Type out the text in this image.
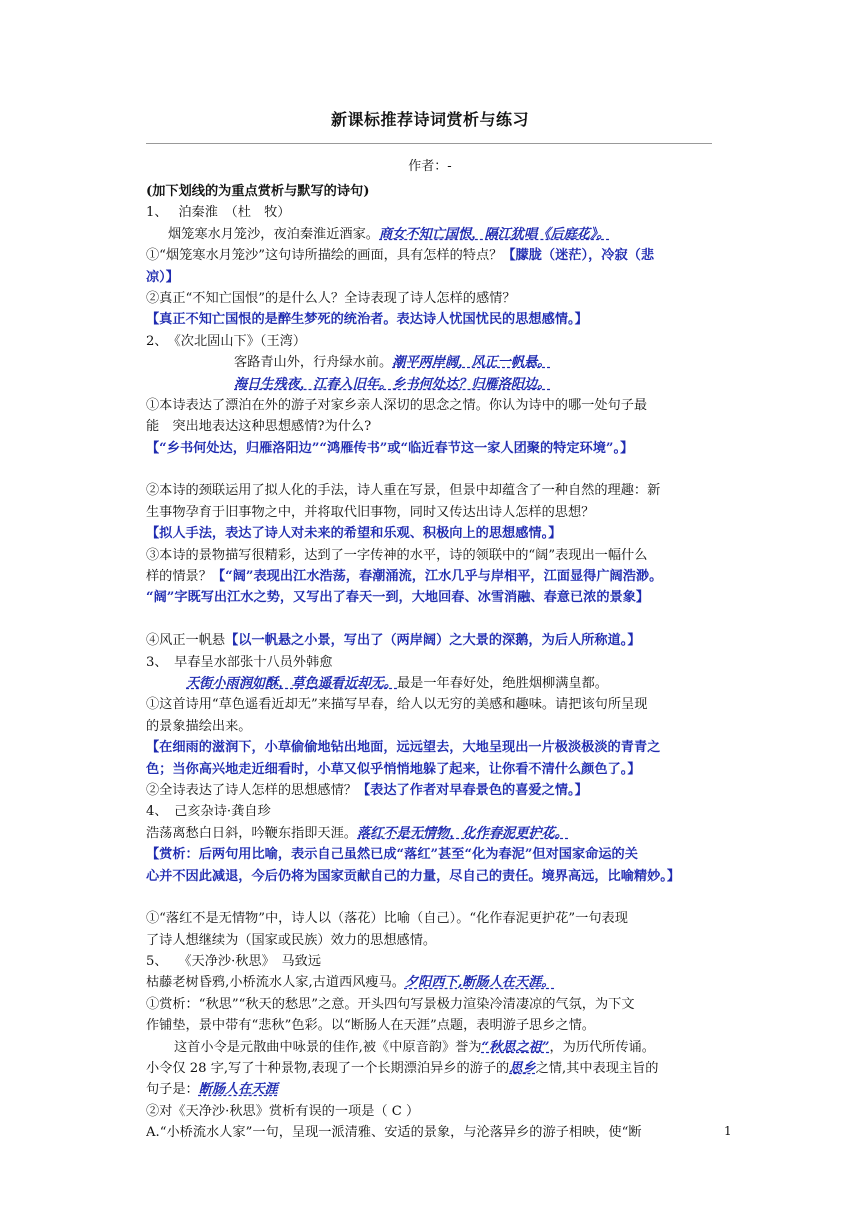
新课标推荐诗词赏析与练习
作者：-
(加下划线的为重点赏析与默写的诗句)
1、　 泊秦淮　（杜　牧）
烟笼寒水月笼沙，夜泊秦淮近酒家。商女不知亡国恨，隔江犹唱《后庭花》。
①“烟笼寒水月笼沙”这句诗所描绘的画面，具有怎样的特点？【朦胧（迷茫），冷寂（悲
凉）】
②真正“不知亡国恨”的是什么人？全诗表现了诗人怎样的感情？
【真正不知亡国恨的是醉生梦死的统治者。表达诗人忧国忧民的思想感情。】
2、　《次北固山下》（王湾）
客路青山外，行舟绿水前。潮平两岸阔，风正一帆悬。
海日生残夜，江春入旧年。乡书何处达？归雁洛阳边。
①本诗表达了漂泊在外的游子对家乡亲人深切的思念之情。你认为诗中的哪一处句子最
能　突出地表达这种思想感情?为什么?
【“乡书何处达，归雁洛阳边”“鸿雁传书”或“临近春节这一家人团聚的特定环境”。】
②本诗的颈联运用了拟人化的手法，诗人重在写景，但景中却蕴含了一种自然的理趣：新
生事物孕育于旧事物之中，并将取代旧事物，同时又传达出诗人怎样的思想？
【拟人手法，表达了诗人对未来的希望和乐观、积极向上的思想感情。】
③本诗的景物描写很精彩，达到了一字传神的水平，诗的领联中的“阔”表现出一幅什么
样的情景？【“阔”表现出江水浩荡，春潮涌流，江水几乎与岸相平，江面显得广阔浩渺。
“阔”字既写出江水之势，又写出了春天一到，大地回春、冰雪消融、春意已浓的景象】
④风正一帆悬【以一帆悬之小景，写出了（两岸阔）之大景的深鹅，为后人所称道。】
3、　早春呈水部张十八员外韩愈
天街小雨润如酥，草色遥看近却无。最是一年春好处，绝胜烟柳满皇都。
①这首诗用“草色遥看近却无”来描写早春，给人以无穷的美感和趣味。请把该句所呈现
的景象描绘出来。
【在细雨的滋润下，小草偷偷地钻出地面，远远望去，大地呈现出一片极淡极淡的青青之
色；当你高兴地走近细看时，小草又似乎悄悄地躲了起来，让你看不清什么颜色了。】
②全诗表达了诗人怎样的思想感情？【表达了作者对早春景色的喜爱之情。】
4、　己亥杂诗·龚自珍
浩荡离愁白日斜，吟鞭东指即天涯。落红不是无情物，化作春泥更护花。
【赏析：后两句用比喻，表示自己虽然已成“落红”甚至“化为春泥”但对国家命运的关
心并不因此减退，今后仍将为国家贡献自己的力量，尽自己的责任。境界高远，比喻精妙。】
①“落红不是无情物”中，诗人以（落花）比喻（自己）。“化作春泥更护花”一句表现
了诗人想继续为（国家或民族）效力的思想感情。
5、　 《天净沙·秋思》　马致远
枯藤老树昏鸦,小桥流水人家,古道西风瘦马。夕阳西下,断肠人在天涯。
①赏析：“秋思”“秋天的愁思”之意。开头四句写景极力渲染冷清凄凉的气氛，为下文
作铺垫，景中带有“悲秋”色彩。以“断肠人在天涯”点题，表明游子思乡之情。
这首小令是元散曲中咏景的佳作,被《中原音韵》誉为“秋思之祖”，为历代所传诵。
小令仅 28 字,写了十种景物,表现了一个长期漂泊异乡的游子的思乡之情,其中表现主旨的
句子是：断肠人在天涯
②对《天净沙·秋思》赏析有误的一项是（ C ）
A.“小桥流水人家”一句，呈现一派清雅、安适的景象，与沦落异乡的游子相映，使“断	1
